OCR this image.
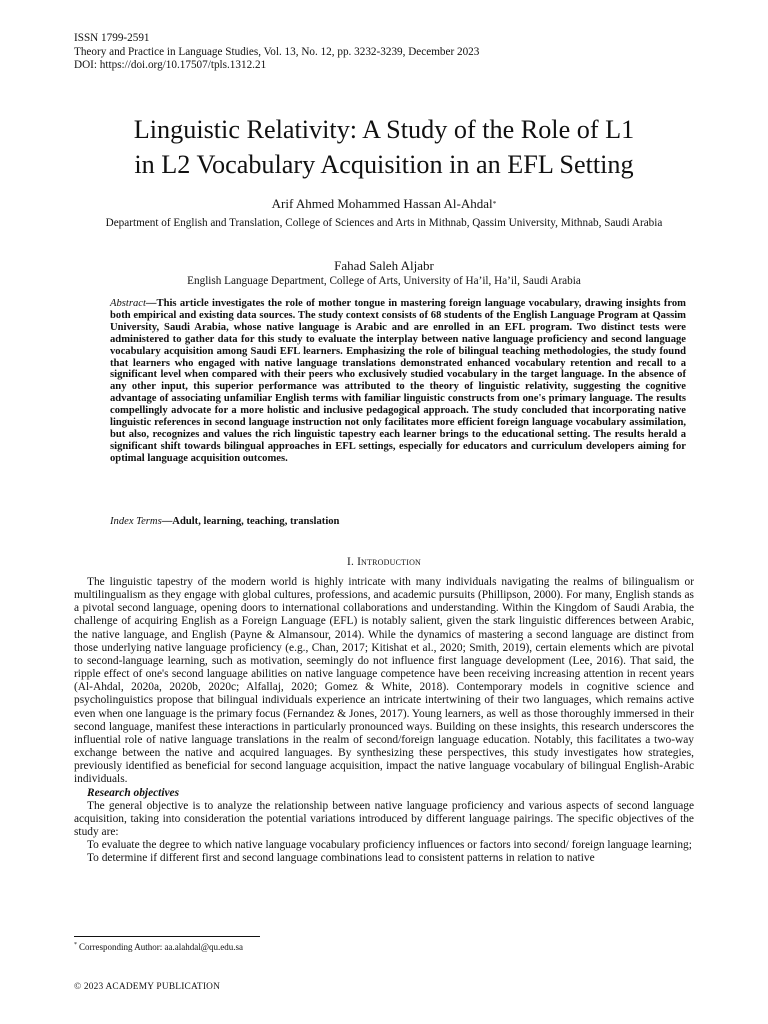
ISSN 1799-2591
Theory and Practice in Language Studies, Vol. 13, No. 12, pp. 3232-3239, December 2023
DOI: https://doi.org/10.17507/tpls.1312.21
Linguistic Relativity: A Study of the Role of L1
in L2 Vocabulary Acquisition in an EFL Setting
Arif Ahmed Mohammed Hassan Al-Ahdal*
Department of English and Translation, College of Sciences and Arts in Mithnab, Qassim University, Mithnab, Saudi Arabia
Fahad Saleh Aljabr
English Language Department, College of Arts, University of Ha’il, Ha’il, Saudi Arabia
Abstract—This article investigates the role of mother tongue in mastering foreign language vocabulary, drawing insights from both empirical and existing data sources. The study context consists of 68 students of the English Language Program at Qassim University, Saudi Arabia, whose native language is Arabic and are enrolled in an EFL program. Two distinct tests were administered to gather data for this study to evaluate the interplay between native language proficiency and second language vocabulary acquisition among Saudi EFL learners. Emphasizing the role of bilingual teaching methodologies, the study found that learners who engaged with native language translations demonstrated enhanced vocabulary retention and recall to a significant level when compared with their peers who exclusively studied vocabulary in the target language. In the absence of any other input, this superior performance was attributed to the theory of linguistic relativity, suggesting the cognitive advantage of associating unfamiliar English terms with familiar linguistic constructs from one's primary language. The results compellingly advocate for a more holistic and inclusive pedagogical approach. The study concluded that incorporating native linguistic references in second language instruction not only facilitates more efficient foreign language vocabulary assimilation, but also, recognizes and values the rich linguistic tapestry each learner brings to the educational setting. The results herald a significant shift towards bilingual approaches in EFL settings, especially for educators and curriculum developers aiming for optimal language acquisition outcomes.
Index Terms—Adult, learning, teaching, translation
I. Introduction

The linguistic tapestry of the modern world is highly intricate with many individuals navigating the realms of bilingualism or multilingualism as they engage with global cultures, professions, and academic pursuits (Phillipson, 2000). For many, English stands as a pivotal second language, opening doors to international collaborations and understanding. Within the Kingdom of Saudi Arabia, the challenge of acquiring English as a Foreign Language (EFL) is notably salient, given the stark linguistic differences between Arabic, the native language, and English (Payne & Almansour, 2014). While the dynamics of mastering a second language are distinct from those underlying native language proficiency (e.g., Chan, 2017; Kitishat et al., 2020; Smith, 2019), certain elements which are pivotal to second-language learning, such as motivation, seemingly do not influence first language development (Lee, 2016). That said, the ripple effect of one's second language abilities on native language competence have been receiving increasing attention in recent years (Al-Ahdal, 2020a, 2020b, 2020c; Alfallaj, 2020; Gomez & White, 2018). Contemporary models in cognitive science and psycholinguistics propose that bilingual individuals experience an intricate intertwining of their two languages, which remains active even when one language is the primary focus (Fernandez & Jones, 2017). Young learners, as well as those thoroughly immersed in their second language, manifest these interactions in particularly pronounced ways. Building on these insights, this research underscores the influential role of native language translations in the realm of second/foreign language education. Notably, this facilitates a two-way exchange between the native and acquired languages. By synthesizing these perspectives, this study investigates how strategies, previously identified as beneficial for second language acquisition, impact the native language vocabulary of bilingual English-Arabic individuals.

Research objectives

The general objective is to analyze the relationship between native language proficiency and various aspects of second language acquisition, taking into consideration the potential variations introduced by different language pairings. The specific objectives of the study are:

To evaluate the degree to which native language vocabulary proficiency influences or factors into second/ foreign language learning;

To determine if different first and second language combinations lead to consistent patterns in relation to native

* Corresponding Author: aa.alahdal@qu.edu.sa
© 2023 ACADEMY PUBLICATION
